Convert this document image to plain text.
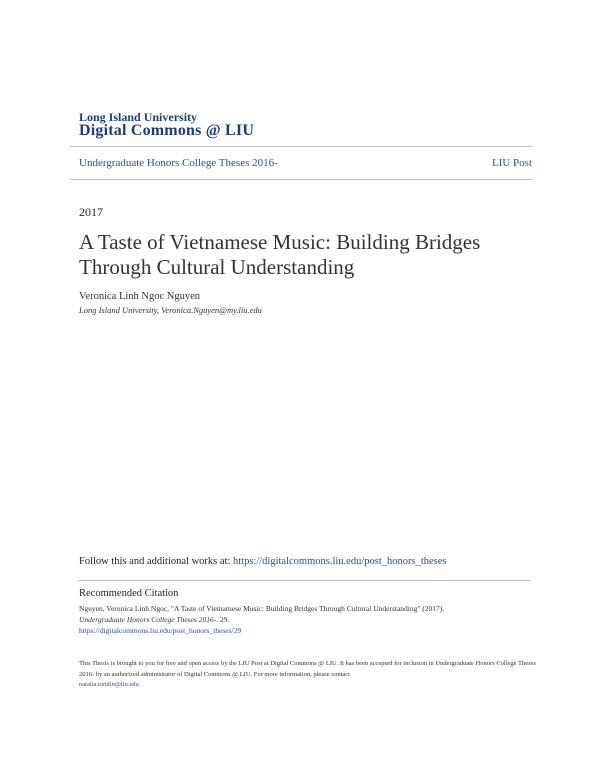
Long Island University
Digital Commons @ LIU
Undergraduate Honors College Theses 2016-	LIU Post
2017
A Taste of Vietnamese Music: Building Bridges Through Cultural Understanding
Veronica Linh Ngoc Nguyen
Long Island University, Veronica.Nguyen@my.liu.edu
Follow this and additional works at: https://digitalcommons.liu.edu/post_honors_theses
Recommended Citation
Nguyen, Veronica Linh Ngoc, "A Taste of Vietnamese Music: Building Bridges Through Cultural Understanding" (2017).
Undergraduate Honors College Theses 2016-. 29.
https://digitalcommons.liu.edu/post_honors_theses/29
This Thesis is brought to you for free and open access by the LIU Post at Digital Commons @ LIU. It has been accepted for inclusion in Undergraduate Honors College Theses 2016- by an authorized administrator of Digital Commons @ LIU. For more information, please contact
natalia.tomlin@liu.edu.
